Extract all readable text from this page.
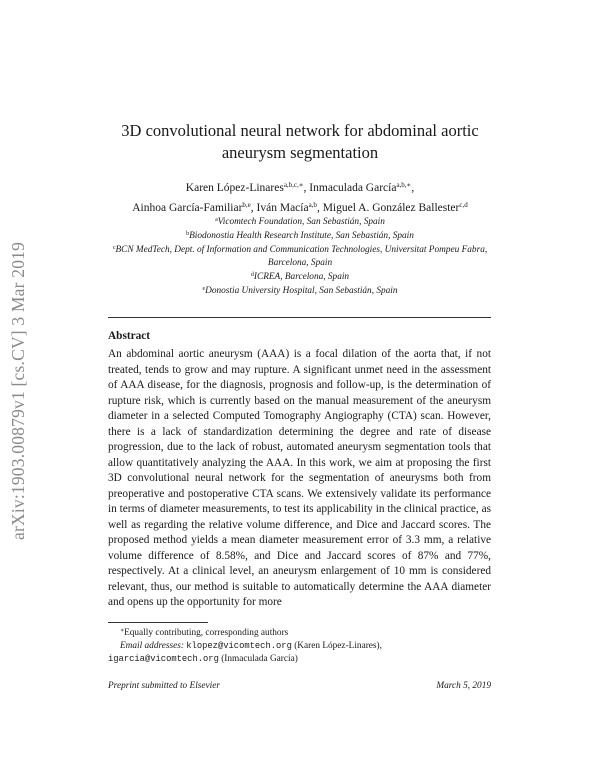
arXiv:1903.00879v1 [cs.CV] 3 Mar 2019
3D convolutional neural network for abdominal aortic
aneurysm segmentation
Karen López-Linares$^{a,b,c,∗}$, Inmaculada García$^{a,b,∗}$,
Ainhoa García-Familiar$^{b,e}$, Iván Macía$^{a,b}$, Miguel A. González Ballester$^{c,d}$
$^a$Vicomtech Foundation, San Sebastián, Spain
$^b$Biodonostia Health Research Institute, San Sebastián, Spain
$^c$BCN MedTech, Dept. of Information and Communication Technologies, Universitat Pompeu Fabra, Barcelona, Spain
$^d$ICREA, Barcelona, Spain
$^e$Donostia University Hospital, San Sebastián, Spain
Abstract
An abdominal aortic aneurysm (AAA) is a focal dilation of the aorta that, if not treated, tends to grow and may rupture. A significant unmet need in the assessment of AAA disease, for the diagnosis, prognosis and follow-up, is the determination of rupture risk, which is currently based on the manual measurement of the aneurysm diameter in a selected Computed Tomography Angiography (CTA) scan. However, there is a lack of standardization determining the degree and rate of disease progression, due to the lack of robust, automated aneurysm segmentation tools that allow quantitatively analyzing the AAA. In this work, we aim at proposing the first 3D convolutional neural network for the segmentation of aneurysms both from preoperative and postoperative CTA scans. We extensively validate its performance in terms of diameter measurements, to test its applicability in the clinical practice, as well as regarding the relative volume difference, and Dice and Jaccard scores. The proposed method yields a mean diameter measurement error of 3.3 mm, a relative volume difference of 8.58%, and Dice and Jaccard scores of 87% and 77%, respectively. At a clinical level, an aneurysm enlargement of 10 mm is considered relevant, thus, our method is suitable to automatically determine the AAA diameter and opens up the opportunity for more
∗Equally contributing, corresponding authors
Email addresses: klopez@vicomtech.org (Karen López-Linares),
igarcia@vicomtech.org (Inmaculada García)
Preprint submitted to Elsevier	March 5, 2019
